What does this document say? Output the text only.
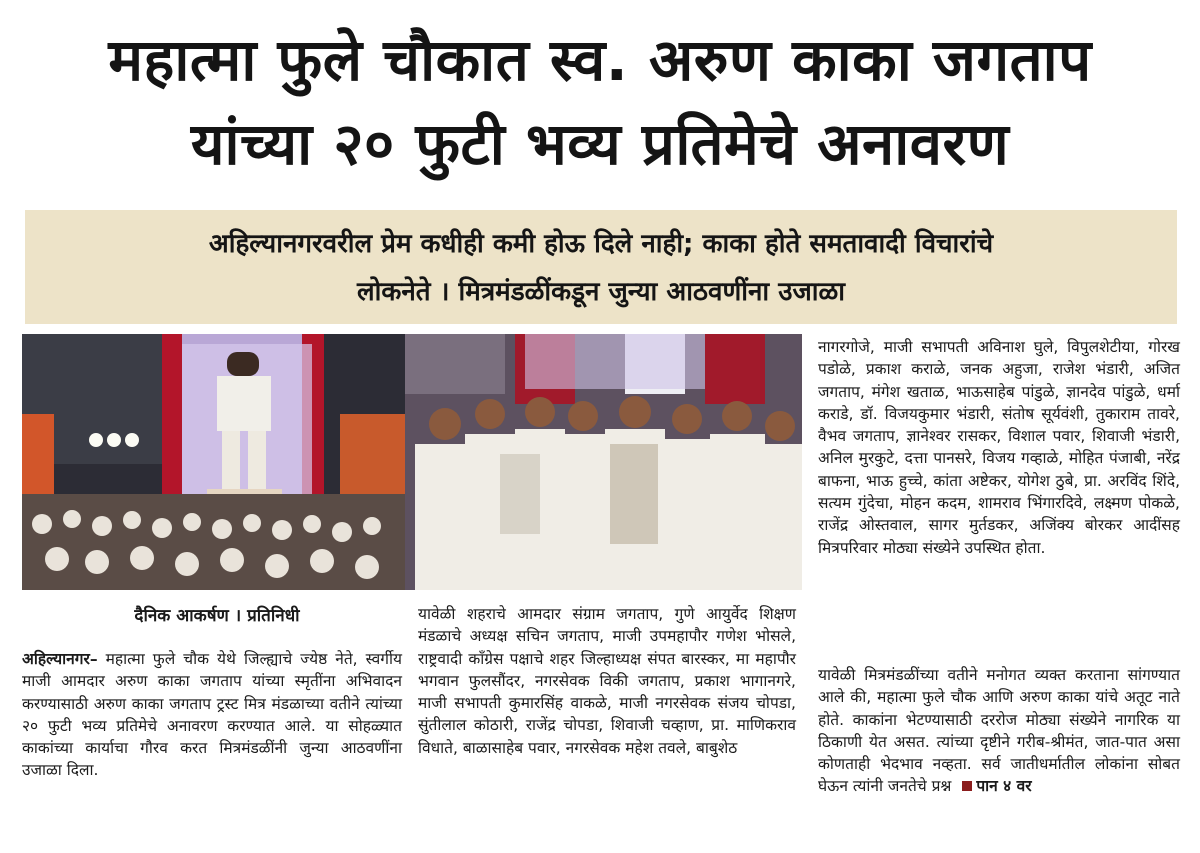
महात्मा फुले चौकात स्व. अरुण काका जगताप
यांच्या २० फुटी भव्य प्रतिमेचे अनावरण
अहिल्यानगरवरील प्रेम कधीही कमी होऊ दिले नाही; काका होते समतावादी विचारांचे
लोकनेते । मित्रमंडळींकडून जुन्या आठवणींना उजाळा
दैनिक आकर्षण । प्रतिनिधी
अहिल्यानगर– महात्मा फुले चौक येथे जिल्ह्याचे ज्येष्ठ नेते, स्वर्गीय माजी आमदार अरुण काका जगताप यांच्या स्मृतींना अभिवादन करण्यासाठी अरुण काका जगताप ट्रस्ट मित्र मंडळाच्या वतीने त्यांच्या २० फुटी भव्य प्रतिमेचे अनावरण करण्यात आले. या सोहळ्यात काकांच्या कार्याचा गौरव करत मित्रमंडळींनी जुन्या आठवणींना उजाळा दिला.
यावेळी शहराचे आमदार संग्राम जगताप, गुणे आयुर्वेद शिक्षण मंडळाचे अध्यक्ष सचिन जगताप, माजी उपमहापौर गणेश भोसले, राष्ट्रवादी काँग्रेस पक्षाचे शहर जिल्हाध्यक्ष संपत बारस्कर, मा महापौर भगवान फुलसौंदर, नगरसेवक विकी जगताप, प्रकाश भागानगरे, माजी सभापती कुमारसिंह वाकळे, माजी नगरसेवक संजय चोपडा, सुंतीलाल कोठारी, राजेंद्र चोपडा, शिवाजी चव्हाण, प्रा. माणिकराव विधाते, बाळासाहेब पवार, नगरसेवक महेश तवले, बाबुशेठ
नागरगोजे, माजी सभापती अविनाश घुले, विपुलशेटीया, गोरख पडोळे, प्रकाश कराळे, जनक अहुजा, राजेश भंडारी, अजित जगताप, मंगेश खताळ, भाऊसाहेब पांडुळे, ज्ञानदेव पांडुळे, धर्मा कराडे, डॉ. विजयकुमार भंडारी, संतोष सूर्यवंशी, तुकाराम तावरे, वैभव जगताप, ज्ञानेश्वर रासकर, विशाल पवार, शिवाजी भंडारी, अनिल मुरकुटे, दत्ता पानसरे, विजय गव्हाळे, मोहित पंजाबी, नरेंद्र बाफना, भाऊ हुच्चे, कांता अष्टेकर, योगेश ठुबे, प्रा. अरविंद शिंदे, सत्यम गुंदेचा, मोहन कदम, शामराव भिंगारदिवे, लक्ष्मण पोकळे, राजेंद्र ओस्तवाल, सागर मुर्तडकर, अजिंक्य बोरकर आदींसह मित्रपरिवार मोठ्या संख्येने उपस्थित होता.
यावेळी मित्रमंडळींच्या वतीने मनोगत व्यक्त करताना सांगण्यात आले की, महात्मा फुले चौक आणि अरुण काका यांचे अतूट नाते होते. काकांना भेटण्यासाठी दररोज मोठ्या संख्येने नागरिक या ठिकाणी येत असत. त्यांच्या दृष्टीने गरीब-श्रीमंत, जात-पात असा कोणताही भेदभाव नव्हता. सर्व जातीधर्मातील लोकांना सोबत घेऊन त्यांनी जनतेचे प्रश्न पान ४ वर
